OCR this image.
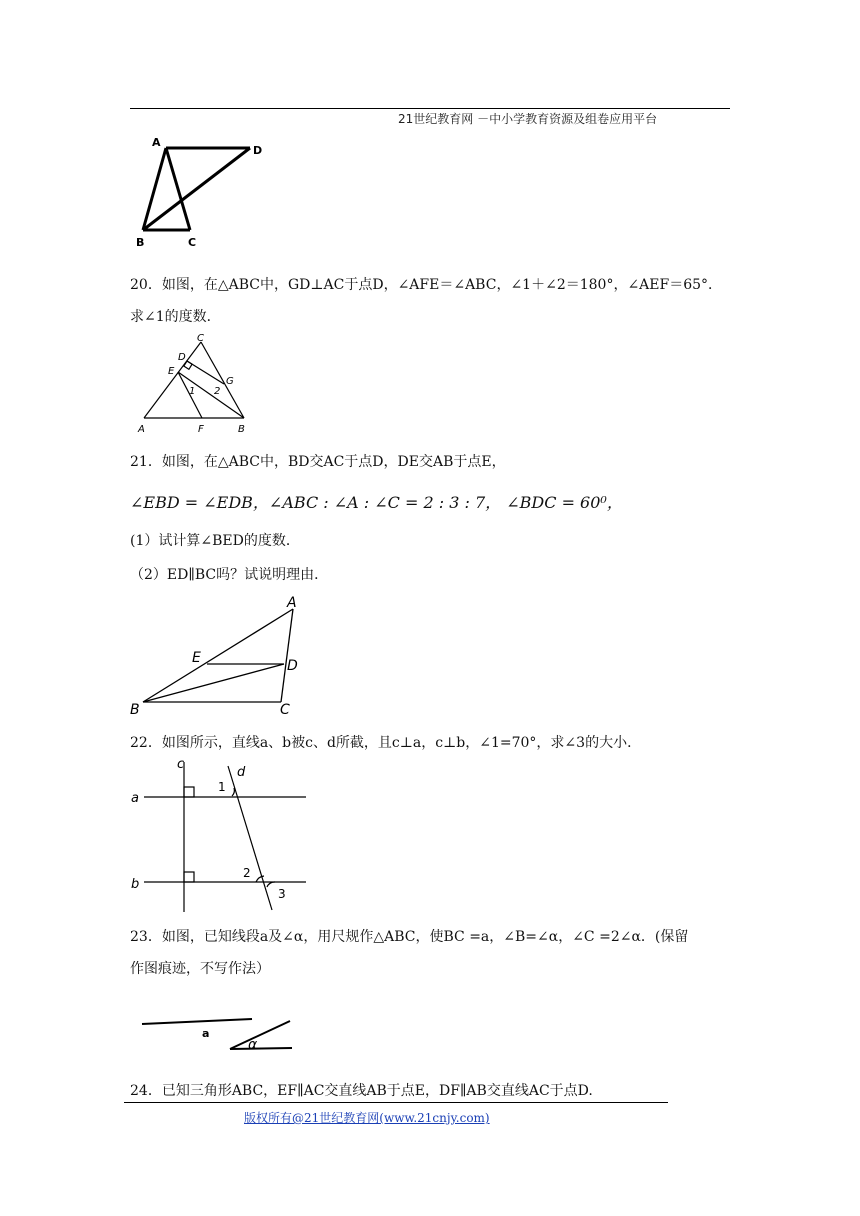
21世纪教育网 －中小学教育资源及组卷应用平台
A
D
B	C
20．如图，在△ABC中，GD⊥AC于点D，∠AFE＝∠ABC，∠1＋∠2＝180°，∠AEF＝65°．
求∠1的度数．
C
D
E
G
1 2
A	F	B
21．如图，在△ABC中，BD交AC于点D，DE交AB于点E，
∠EBD = ∠EDB，∠ABC : ∠A : ∠C = 2 : 3 : 7， ∠BDC = 60⁰，
(1）试计算∠BED的度数．
（2）ED∥BC吗？试说明理由．
A
E	D
B	C
22．如图所示，直线a、b被c、d所截，且c⊥a，c⊥b，∠1=70°，求∠3的大小．
c
d
a
b
1
2
3
23．如图，已知线段a及∠α，用尺规作△ABC，使BC =a，∠B=∠α，∠C =2∠α．(保留
作图痕迹，不写作法）
a
α
24．已知三角形ABC，EF∥AC交直线AB于点E，DF∥AB交直线AC于点D.
版权所有@21世纪教育网(www.21cnjy.com)
